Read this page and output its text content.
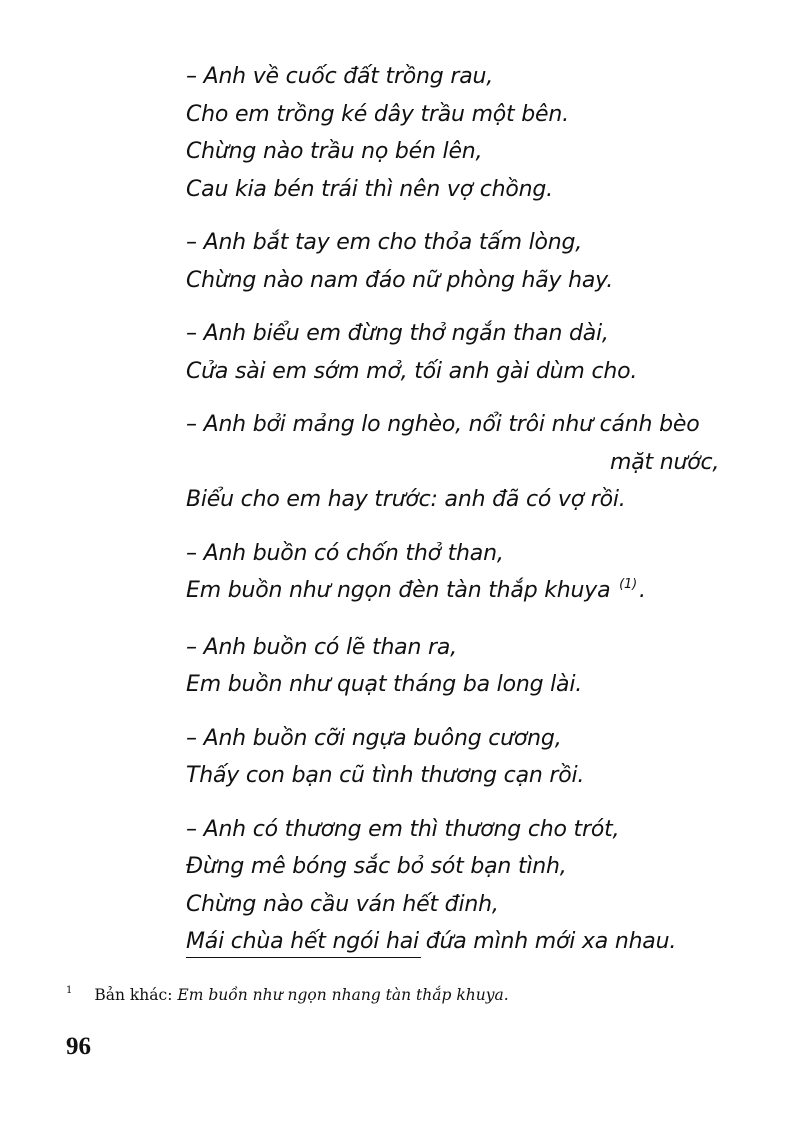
– Anh về cuốc đất trồng rau,
Cho em trồng ké dây trầu một bên.
Chừng nào trầu nọ bén lên,
Cau kia bén trái thì nên vợ chồng.
– Anh bắt tay em cho thỏa tấm lòng,
Chừng nào nam đáo nữ phòng hãy hay.
– Anh biểu em đừng thở ngắn than dài,
Cửa sài em sớm mở, tối anh gài dùm cho.
– Anh bởi mảng lo nghèo, nổi trôi như cánh bèo
mặt nước,
Biểu cho em hay trước: anh đã có vợ rồi.
– Anh buồn có chốn thở than,
Em buồn như ngọn đèn tàn thắp khuya $^{(1)}$.
– Anh buồn có lẽ than ra,
Em buồn như quạt tháng ba long lài.
– Anh buồn cỡi ngựa buông cương,
Thấy con bạn cũ tình thương cạn rồi.
– Anh có thương em thì thương cho trót,
Đừng mê bóng sắc bỏ sót bạn tình,
Chừng nào cầu ván hết đinh,
Mái chùa hết ngói hai đứa mình mới xa nhau.
$^1$ Bản khác: Em buồn như ngọn nhang tàn thắp khuya.
96
